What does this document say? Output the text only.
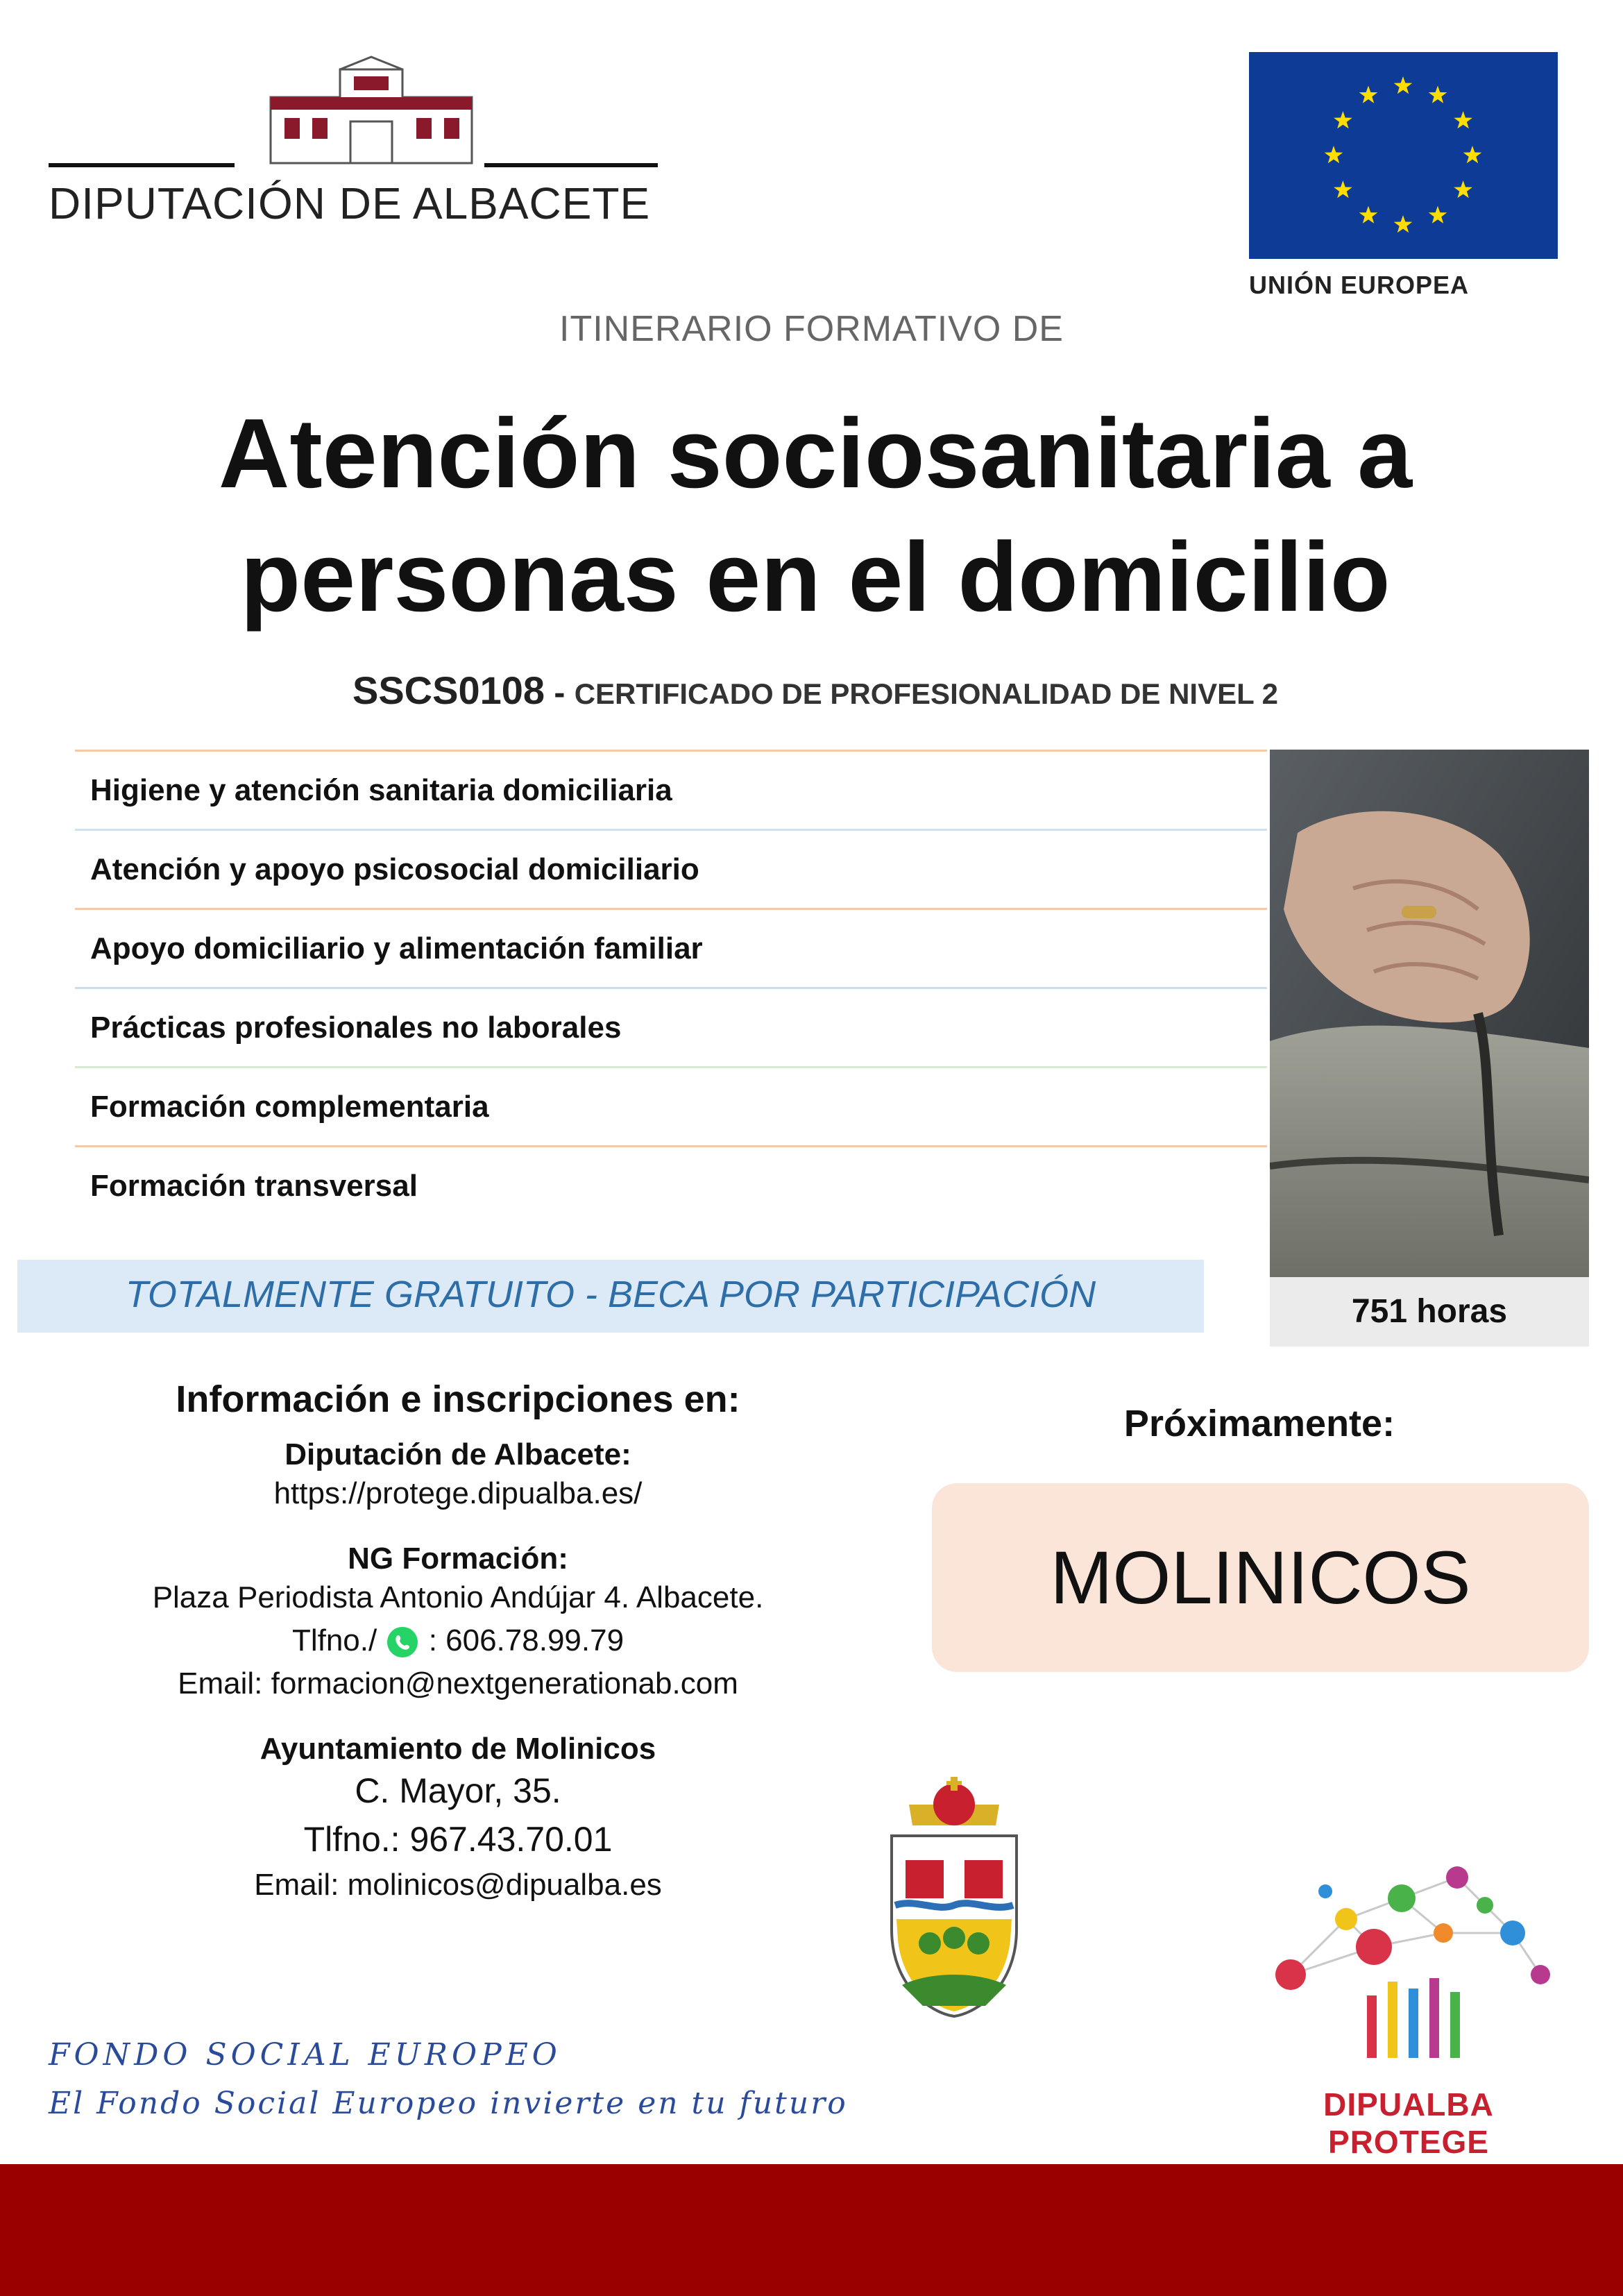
DIPUTACIÓN DE ALBACETE
UNIÓN EUROPEA
ITINERARIO FORMATIVO DE
Atención sociosanitaria a
personas en el domicilio
SSCS0108 - CERTIFICADO DE PROFESIONALIDAD DE NIVEL 2
Higiene y atención sanitaria domiciliaria
Atención y apoyo psicosocial domiciliario
Apoyo domiciliario y alimentación familiar
Prácticas profesionales no laborales
Formación complementaria
Formación transversal
751 horas
TOTALMENTE GRATUITO - BECA POR PARTICIPACIÓN
Información e inscripciones en:
Diputación de Albacete:
https://protege.dipualba.es/
NG Formación:
Plaza Periodista Antonio Andújar 4. Albacete.
Tlfno./ : 606.78.99.79
Email: formacion@nextgenerationab.com
Ayuntamiento de Molinicos
C. Mayor, 35.
Tlfno.: 967.43.70.01
Email: molinicos@dipualba.es
Próximamente:
MOLINICOS
DIPUALBA PROTEGE
FONDO SOCIAL EUROPEO
El Fondo Social Europeo invierte en tu futuro
